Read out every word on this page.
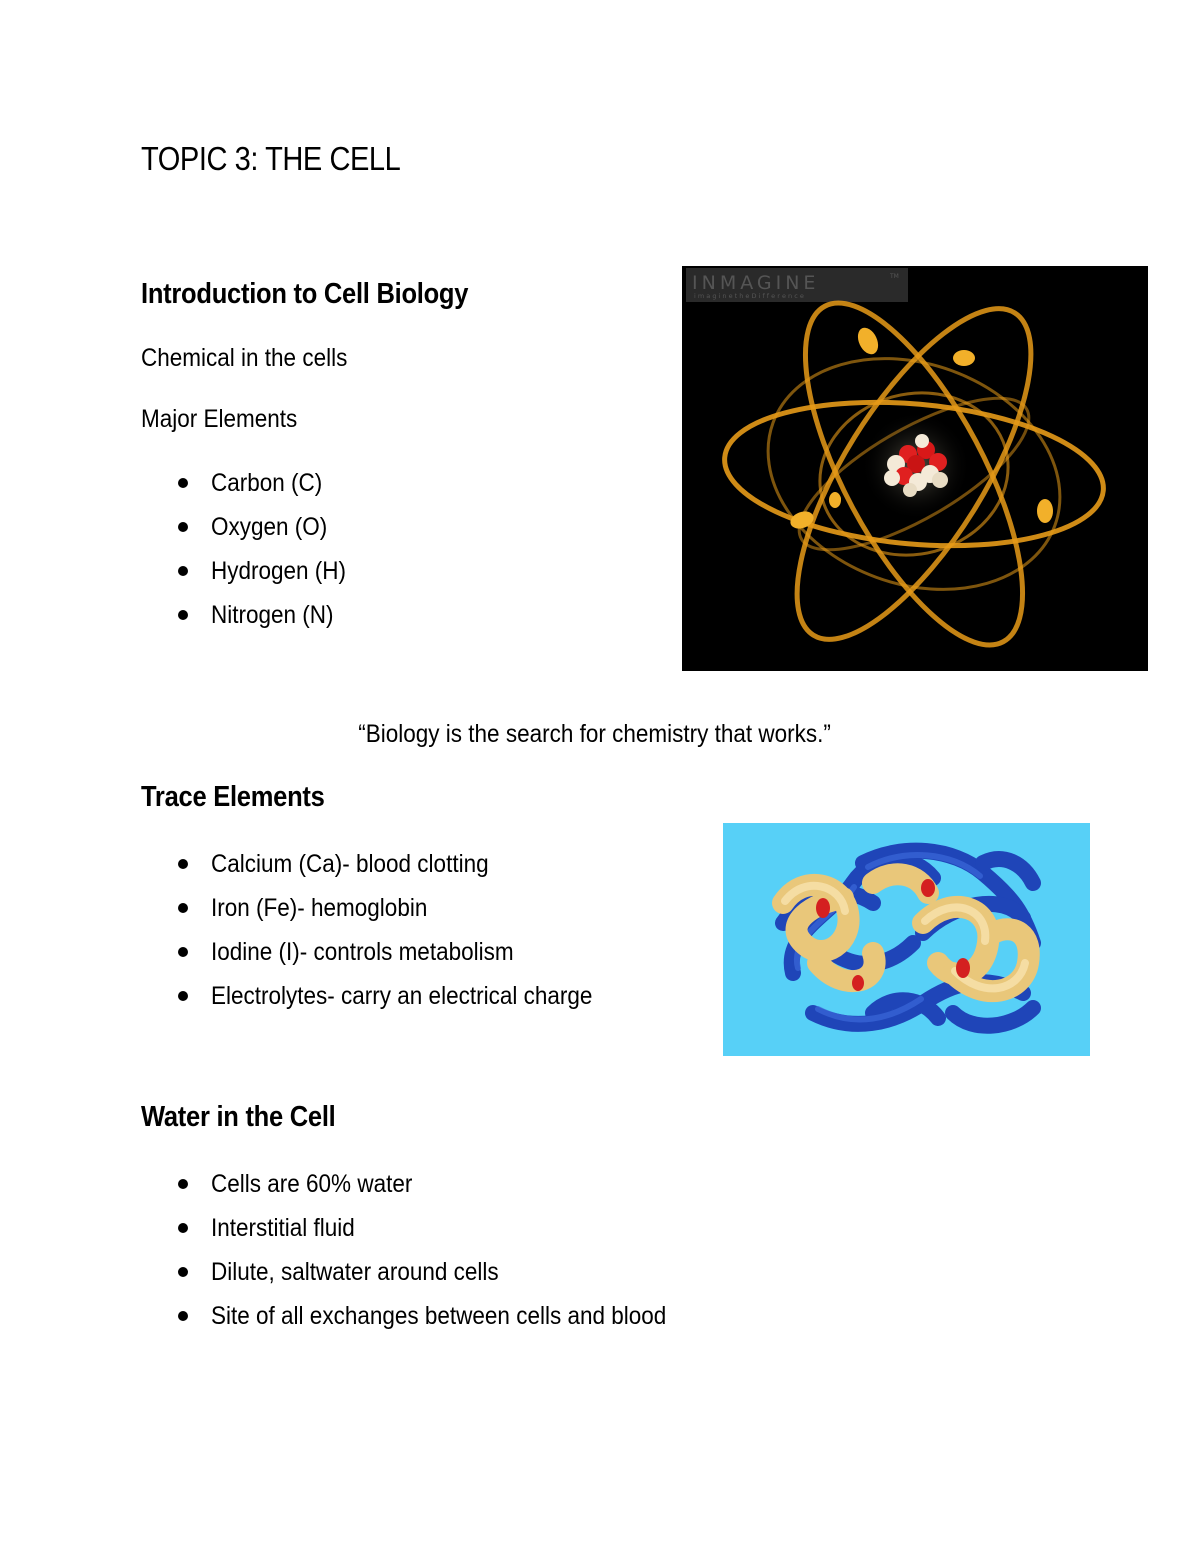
TOPIC 3: THE CELL
Introduction to Cell Biology

Chemical in the cells

Major Elements

Carbon (C)
Oxygen (O)
Hydrogen (H)
Nitrogen (N)
INMAGINE	TM
i m a g i n e t h e D i f f e r e n c e

“Biology is the search for chemistry that works.”

Trace Elements
Calcium (Ca)- blood clotting
Iron (Fe)- hemoglobin
Iodine (I)- controls metabolism
Electrolytes- carry an electrical charge
Water in the Cell
Cells are 60% water
Interstitial fluid
Dilute, saltwater around cells
Site of all exchanges between cells and blood
